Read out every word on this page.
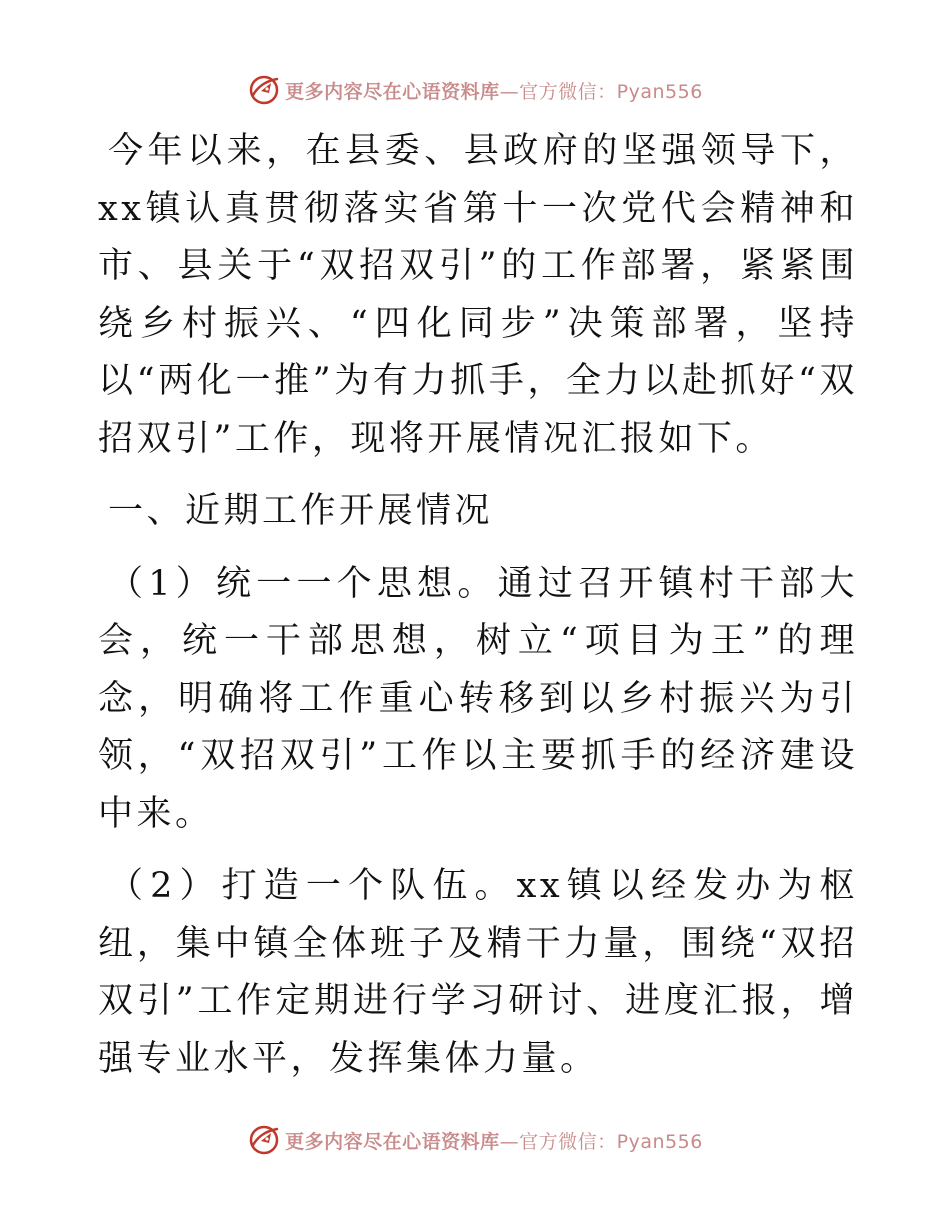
更多内容尽在心语资料库—官方微信：Pyan556

今年以来，在县委、县政府的坚强领导下，xx镇认真贯彻落实省第十一次党代会精神和市、县关于“双招双引”的工作部署，紧紧围绕乡村振兴、“四化同步”决策部署，坚持以“两化一推”为有力抓手，全力以赴抓好“双招双引”工作，现将开展情况汇报如下。

一、近期工作开展情况

（1）统一一个思想。通过召开镇村干部大会，统一干部思想，树立“项目为王”的理念，明确将工作重心转移到以乡村振兴为引领，“双招双引”工作以主要抓手的经济建设中来。

（2）打造一个队伍。xx镇以经发办为枢纽，集中镇全体班子及精干力量，围绕“双招双引”工作定期进行学习研讨、进度汇报，增强专业水平，发挥集体力量。

更多内容尽在心语资料库—官方微信：Pyan556
